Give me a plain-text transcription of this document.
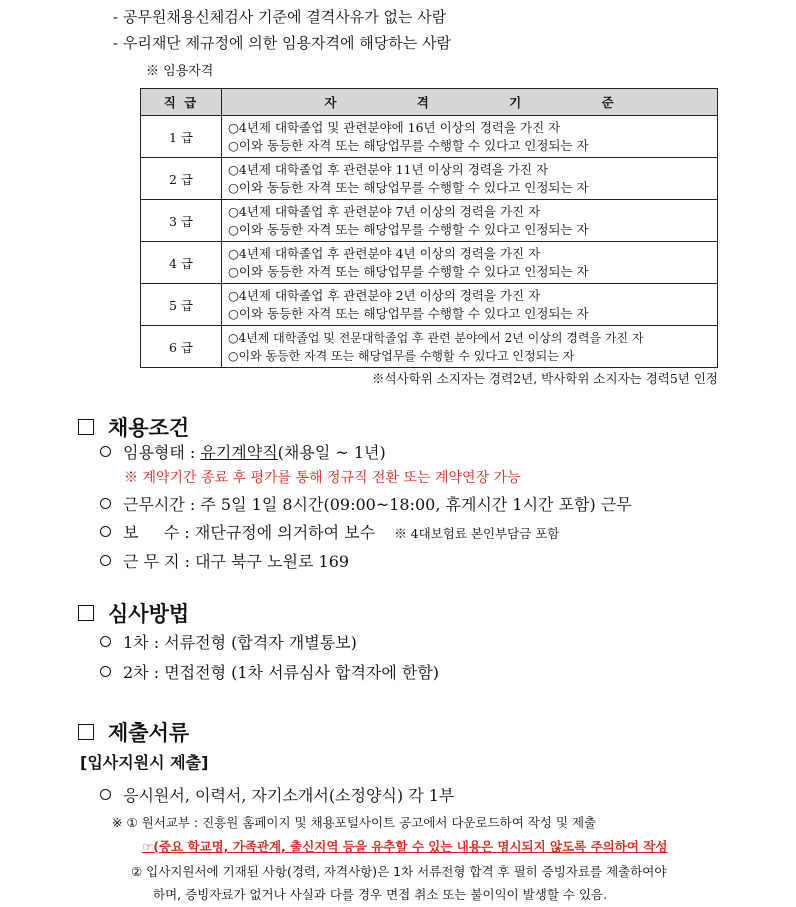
- 공무원채용신체검사 기준에 결격사유가 없는 사람
- 우리재단 제규정에 의한 임용자격에 해당하는 사람
※ 임용자격
직 급	자 격 기 준
1 급	○4년제 대학졸업 및 관련분야에 16년 이상의 경력을 가진 자
○이와 동등한 자격 또는 해당업무를 수행할 수 있다고 인정되는 자

2 급	○4년제 대학졸업 후 관련분야 11년 이상의 경력을 가진 자
○이와 동등한 자격 또는 해당업무를 수행할 수 있다고 인정되는 자

3 급	○4년제 대학졸업 후 관련분야 7년 이상의 경력을 가진 자
○이와 동등한 자격 또는 해당업무를 수행할 수 있다고 인정되는 자

4 급	○4년제 대학졸업 후 관련분야 4년 이상의 경력을 가진 자
○이와 동등한 자격 또는 해당업무를 수행할 수 있다고 인정되는 자

5 급	○4년제 대학졸업 후 관련분야 2년 이상의 경력을 가진 자
○이와 동등한 자격 또는 해당업무를 수행할 수 있다고 인정되는 자

6 급	○4년제 대학졸업 및 전문대학졸업 후 관련 분야에서 2년 이상의 경력을 가진 자
○이와 동등한 자격 또는 해당업무를 수행할 수 있다고 인정되는 자
※석사학위 소지자는 경력2년, 박사학위 소지자는 경력5년 인정
채용조건
임용형태 : 유기계약직(채용일 ~ 1년)
※ 계약기간 종료 후 평가를 통해 정규직 전환 또는 계약연장 가능
근무시간 : 주 5일 1일 8시간(09:00~18:00, 휴게시간 1시간 포함) 근무
보     수 : 재단규정에 의거하여 보수 ※ 4대보험료 본인부담금 포함
근 무 지 : 대구 북구 노원로 169
심사방법
1차 : 서류전형 (합격자 개별통보)
2차 : 면접전형 (1차 서류심사 합격자에 한함)
제출서류
[입사지원시 제출]
응시원서, 이력서, 자기소개서(소정양식) 각 1부
※ ① 원서교부 : 진흥원 홈페이지 및 채용포털사이트 공고에서 다운로드하여 작성 및 제출
☞(중요 학교명, 가족관계, 출신지역 등을 유추할 수 있는 내용은 명시되지 않도록 주의하여 작성
② 입사지원서에 기재된 사항(경력, 자격사항)은 1차 서류전형 합격 후 필히 증빙자료를 제출하여야
하며, 증빙자료가 없거나 사실과 다를 경우 면접 취소 또는 불이익이 발생할 수 있음.
